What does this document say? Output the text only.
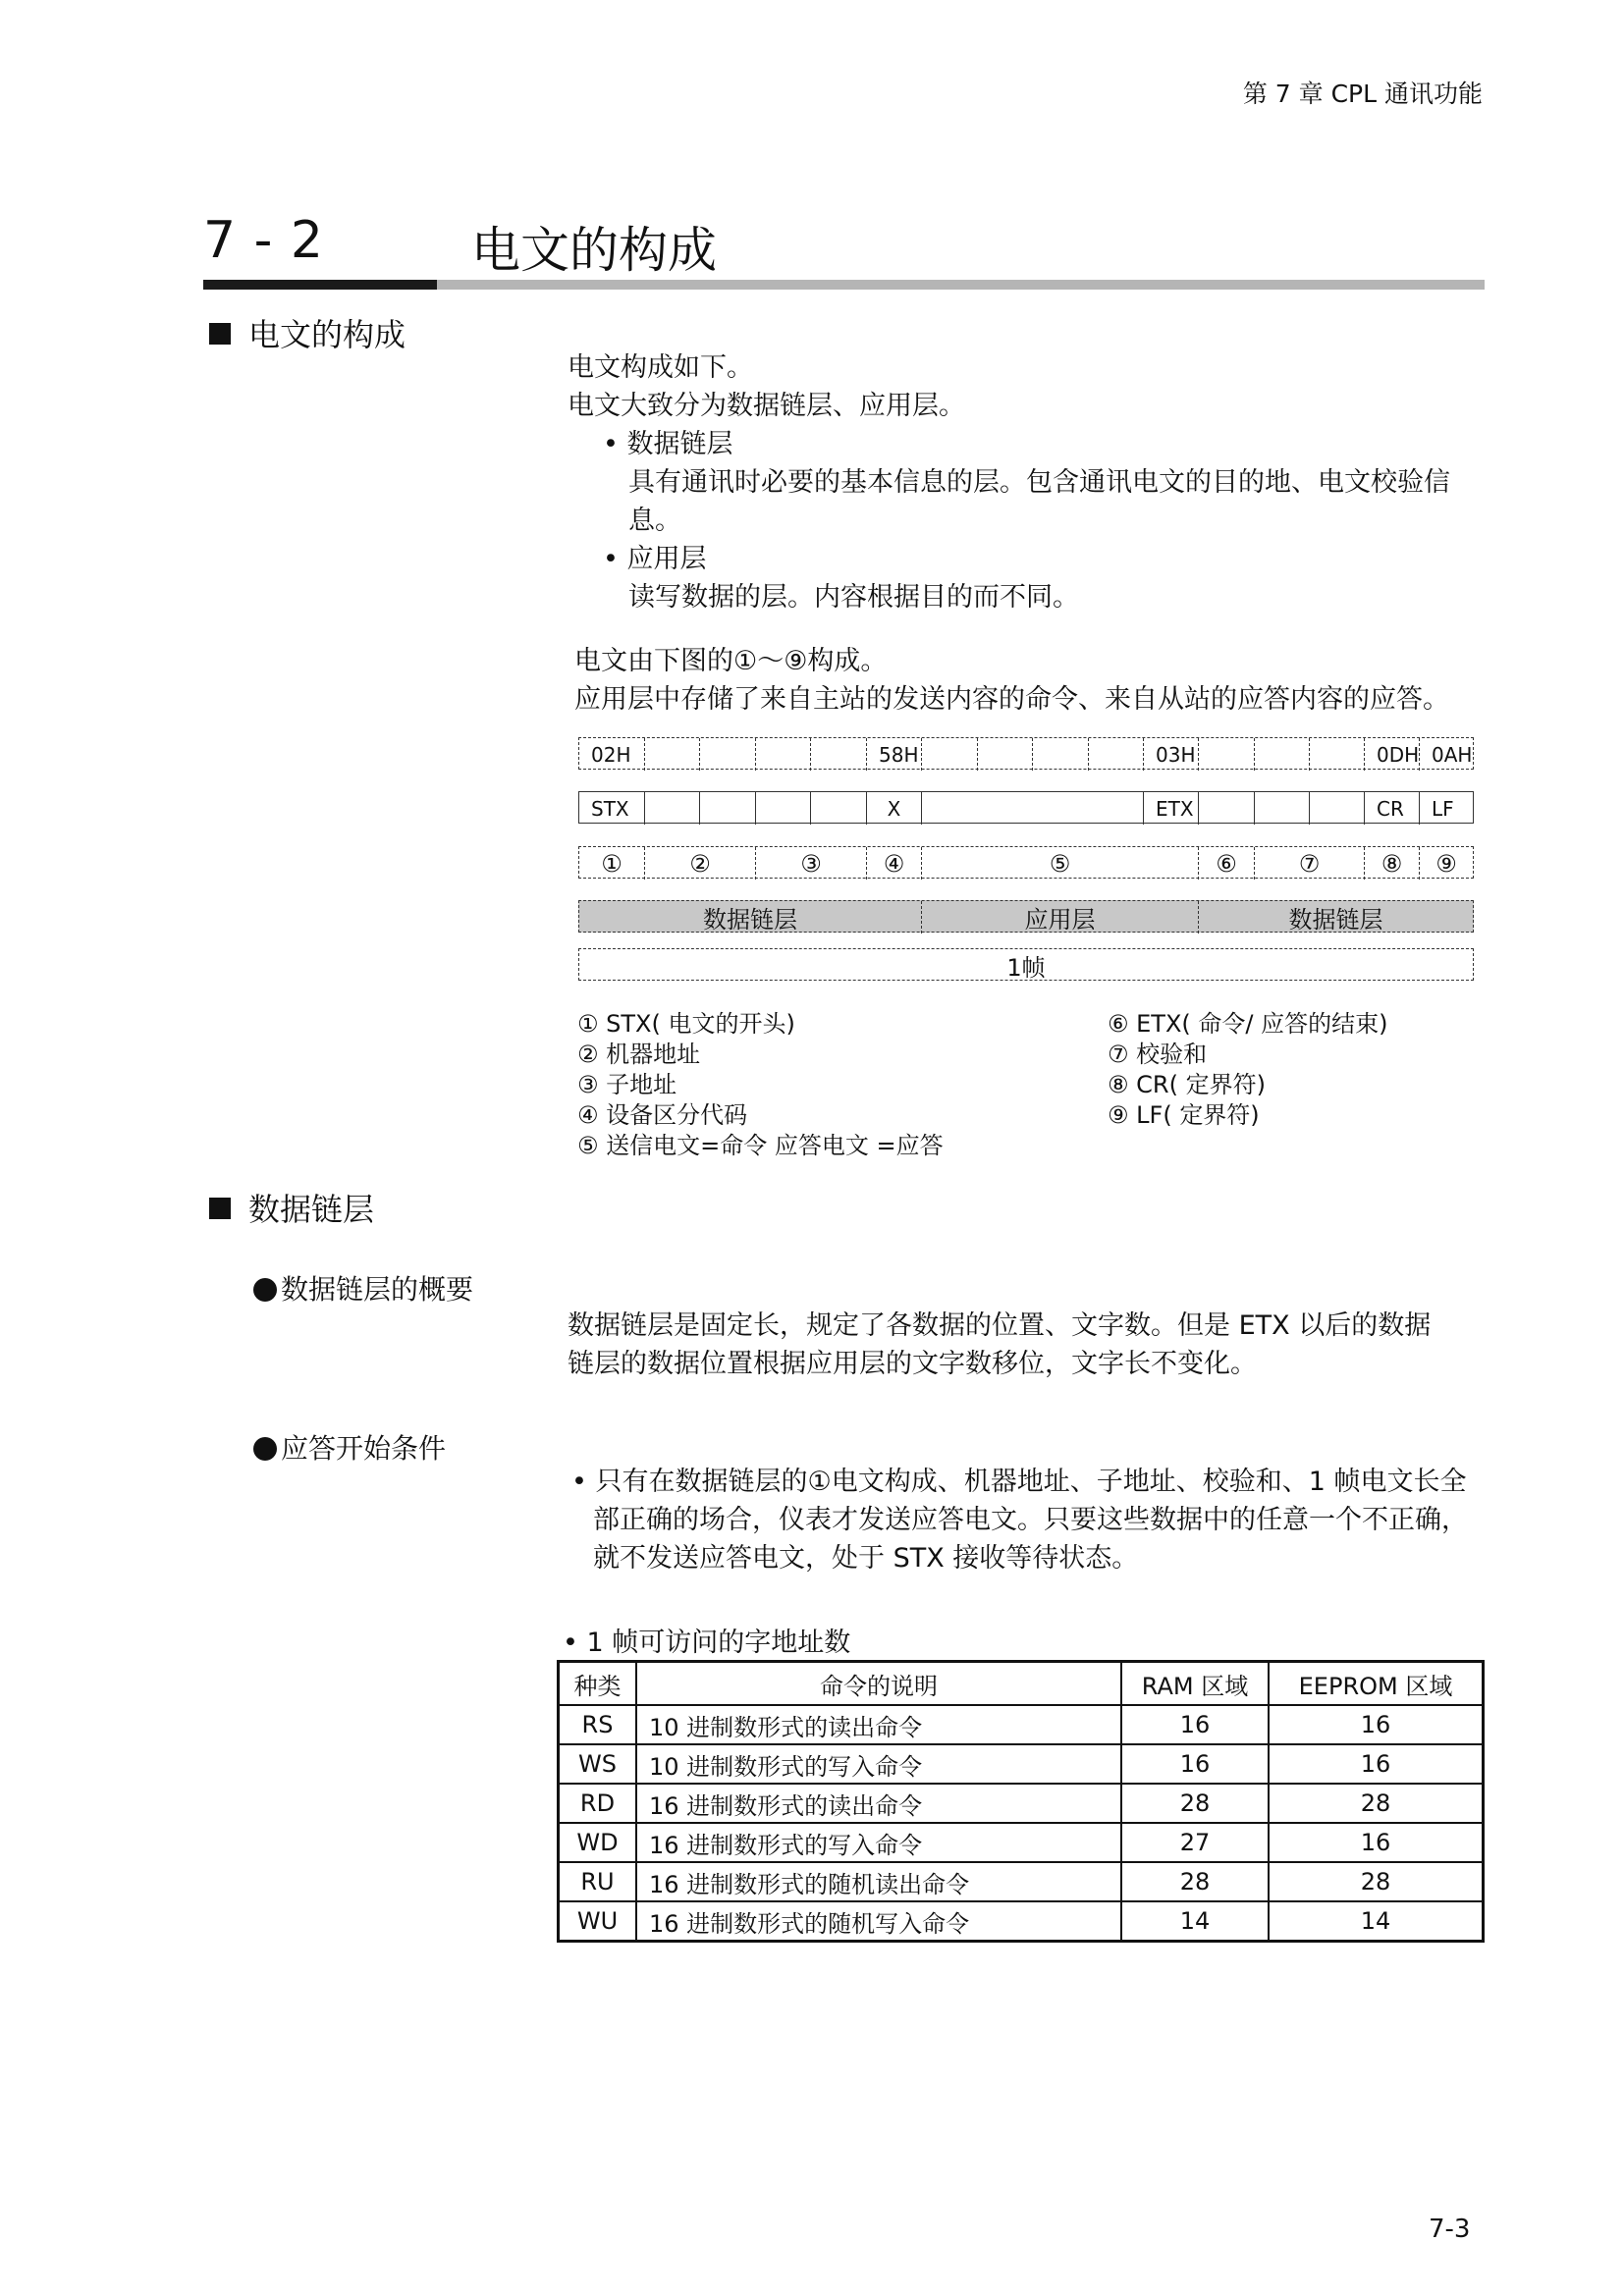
第 7 章 CPL 通讯功能
7 - 2	电文的构成
电文的构成
电文构成如下。
电文大致分为数据链层、应用层。
• 数据链层
具有通讯时必要的基本信息的层。包含通讯电文的目的地、电文校验信
息。
• 应用层
读写数据的层。内容根据目的而不同。
电文由下图的①～⑨构成。
应用层中存储了来自主站的发送内容的命令、来自从站的应答内容的应答。
02H	58H	03H	0DH 0AH
STX	X	ETX	CR	LF
①	②	③	④	⑤	⑥	⑦	⑧ ⑨
数据链层	应用层	数据链层
1帧
① STX( 电文的开头)
② 机器地址
③ 子地址
④ 设备区分代码
⑤ 送信电文=命令 应答电文 =应答
⑥ ETX( 命令/ 应答的结束)
⑦ 校验和
⑧ CR( 定界符)
⑨ LF( 定界符)
数据链层
数据链层的概要
数据链层是固定长，规定了各数据的位置、文字数。但是 ETX 以后的数据
链层的数据位置根据应用层的文字数移位，文字长不变化。
应答开始条件
• 只有在数据链层的①电文构成、机器地址、子地址、校验和、1 帧电文长全
部正确的场合，仪表才发送应答电文。只要这些数据中的任意一个不正确，
就不发送应答电文，处于 STX 接收等待状态。
• 1 帧可访问的字地址数
种类	命令的说明	RAM 区域	EEPROM 区域
RS	10 进制数形式的读出命令	16	16
WS	10 进制数形式的写入命令	16	16
RD	16 进制数形式的读出命令	28	28
WD	16 进制数形式的写入命令	27	16
RU	16 进制数形式的随机读出命令	28	28
WU	16 进制数形式的随机写入命令	14	14
7-3
